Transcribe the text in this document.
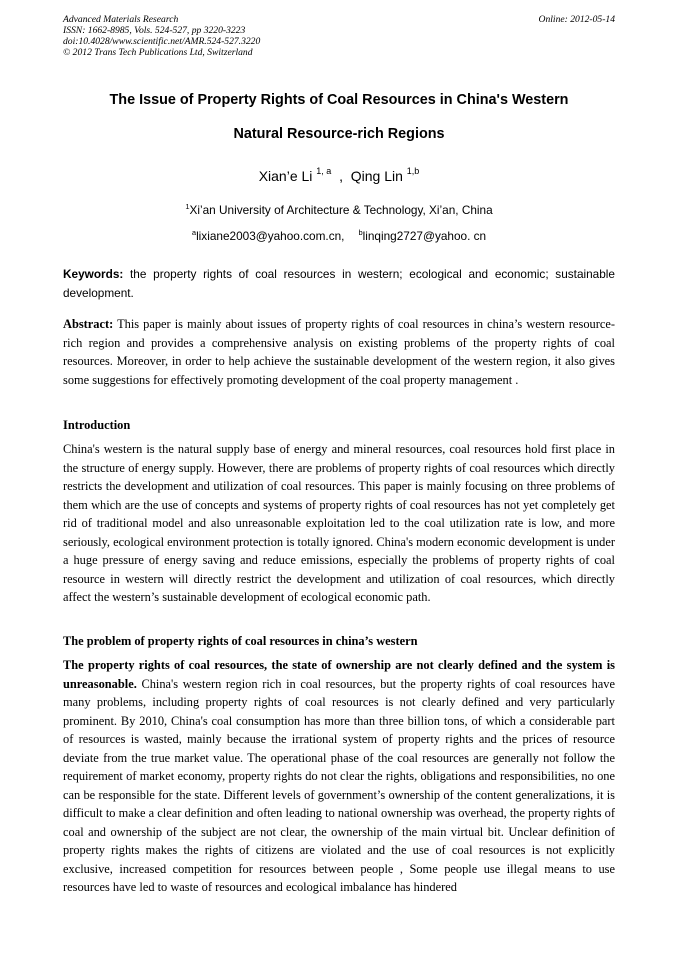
Advanced Materials Research
ISSN: 1662-8985, Vols. 524-527, pp 3220-3223
doi:10.4028/www.scientific.net/AMR.524-527.3220
© 2012 Trans Tech Publications Ltd, Switzerland
Online: 2012-05-14
The Issue of Property Rights of Coal Resources in China's Western
Natural Resource-rich Regions
Xian’e Li $^{1, a}$  ,  Qing Lin $^{1,b}$
$^1$Xi’an University of Architecture & Technology, Xi’an, China
$^a$lixiane2003@yahoo.com.cn, $^b$linqing2727@yahoo. cn
Keywords: the property rights of coal resources in western; ecological and economic; sustainable development.
Abstract: This paper is mainly about issues of property rights of coal resources in china’s western resource-rich region and provides a comprehensive analysis on existing problems of the property rights of coal resources. Moreover, in order to help achieve the sustainable development of the western region, it also gives some suggestions for effectively promoting development of the coal property management .
Introduction
China's western is the natural supply base of energy and mineral resources, coal resources hold first place in the structure of energy supply. However, there are problems of property rights of coal resources which directly restricts the development and utilization of coal resources. This paper is mainly focusing on three problems of them which are the use of concepts and systems of property rights of coal resources has not yet completely get rid of traditional model and also unreasonable exploitation led to the coal utilization rate is low, and more seriously, ecological environment protection is totally ignored. China's modern economic development is under a huge pressure of energy saving and reduce emissions, especially the problems of property rights of coal resource in western will directly restrict the development and utilization of coal resources, which directly affect the western’s sustainable development of ecological economic path.
The problem of property rights of coal resources in china’s western
The property rights of coal resources, the state of ownership are not clearly defined and the system is unreasonable. China's western region rich in coal resources, but the property rights of coal resources have many problems, including property rights of coal resources is not clearly defined and very particularly prominent. By 2010, China's coal consumption has more than three billion tons, of which a considerable part of resources is wasted, mainly because the irrational system of property rights and the prices of resource deviate from the true market value. The operational phase of the coal resources are generally not follow the requirement of market economy, property rights do not clear the rights, obligations and responsibilities, no one can be responsible for the state. Different levels of government’s ownership of the content generalizations, it is difficult to make a clear definition and often leading to national ownership was overhead, the property rights of coal and ownership of the subject are not clear, the ownership of the main virtual bit. Unclear definition of property rights makes the rights of citizens are violated and the use of coal resources is not explicitly exclusive, increased competition for resources between people , Some people use illegal means to use resources have led to waste of resources and ecological imbalance has hindered
